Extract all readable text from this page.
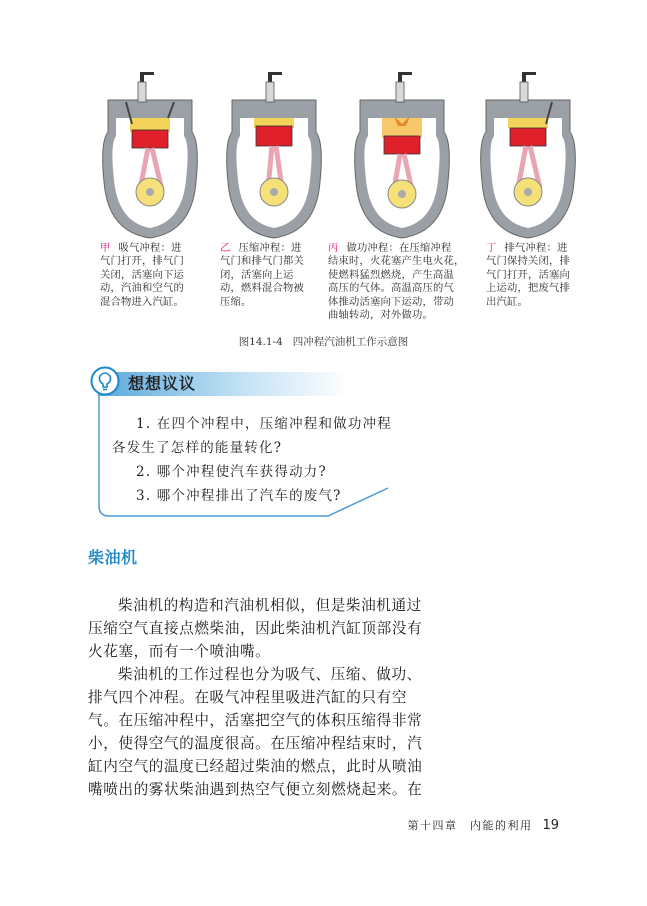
甲 吸气冲程：进
气门打开，排气门
关闭，活塞向下运
动，汽油和空气的
混合物进入汽缸。
乙 压缩冲程：进
气门和排气门都关
闭，活塞向上运
动，燃料混合物被
压缩。
丙 做功冲程：在压缩冲程
结束时，火花塞产生电火花，
使燃料猛烈燃烧，产生高温
高压的气体。高温高压的气
体推动活塞向下运动，带动
曲轴转动，对外做功。
丁 排气冲程：进
气门保持关闭，排
气门打开，活塞向
上运动，把废气排
出汽缸。
图14.1-4 四冲程汽油机工作示意图
想想议议
1. 在四个冲程中，压缩冲程和做功冲程
各发生了怎样的能量转化?
2. 哪个冲程使汽车获得动力?
3. 哪个冲程排出了汽车的废气?
柴油机
柴油机的构造和汽油机相似，但是柴油机通过
压缩空气直接点燃柴油，因此柴油机汽缸顶部没有
火花塞，而有一个喷油嘴。
柴油机的工作过程也分为吸气、压缩、做功、
排气四个冲程。在吸气冲程里吸进汽缸的只有空
气。在压缩冲程中，活塞把空气的体积压缩得非常
小，使得空气的温度很高。在压缩冲程结束时，汽
缸内空气的温度已经超过柴油的燃点，此时从喷油
嘴喷出的雾状柴油遇到热空气便立刻燃烧起来。在
第十四章　内能的利用 19
